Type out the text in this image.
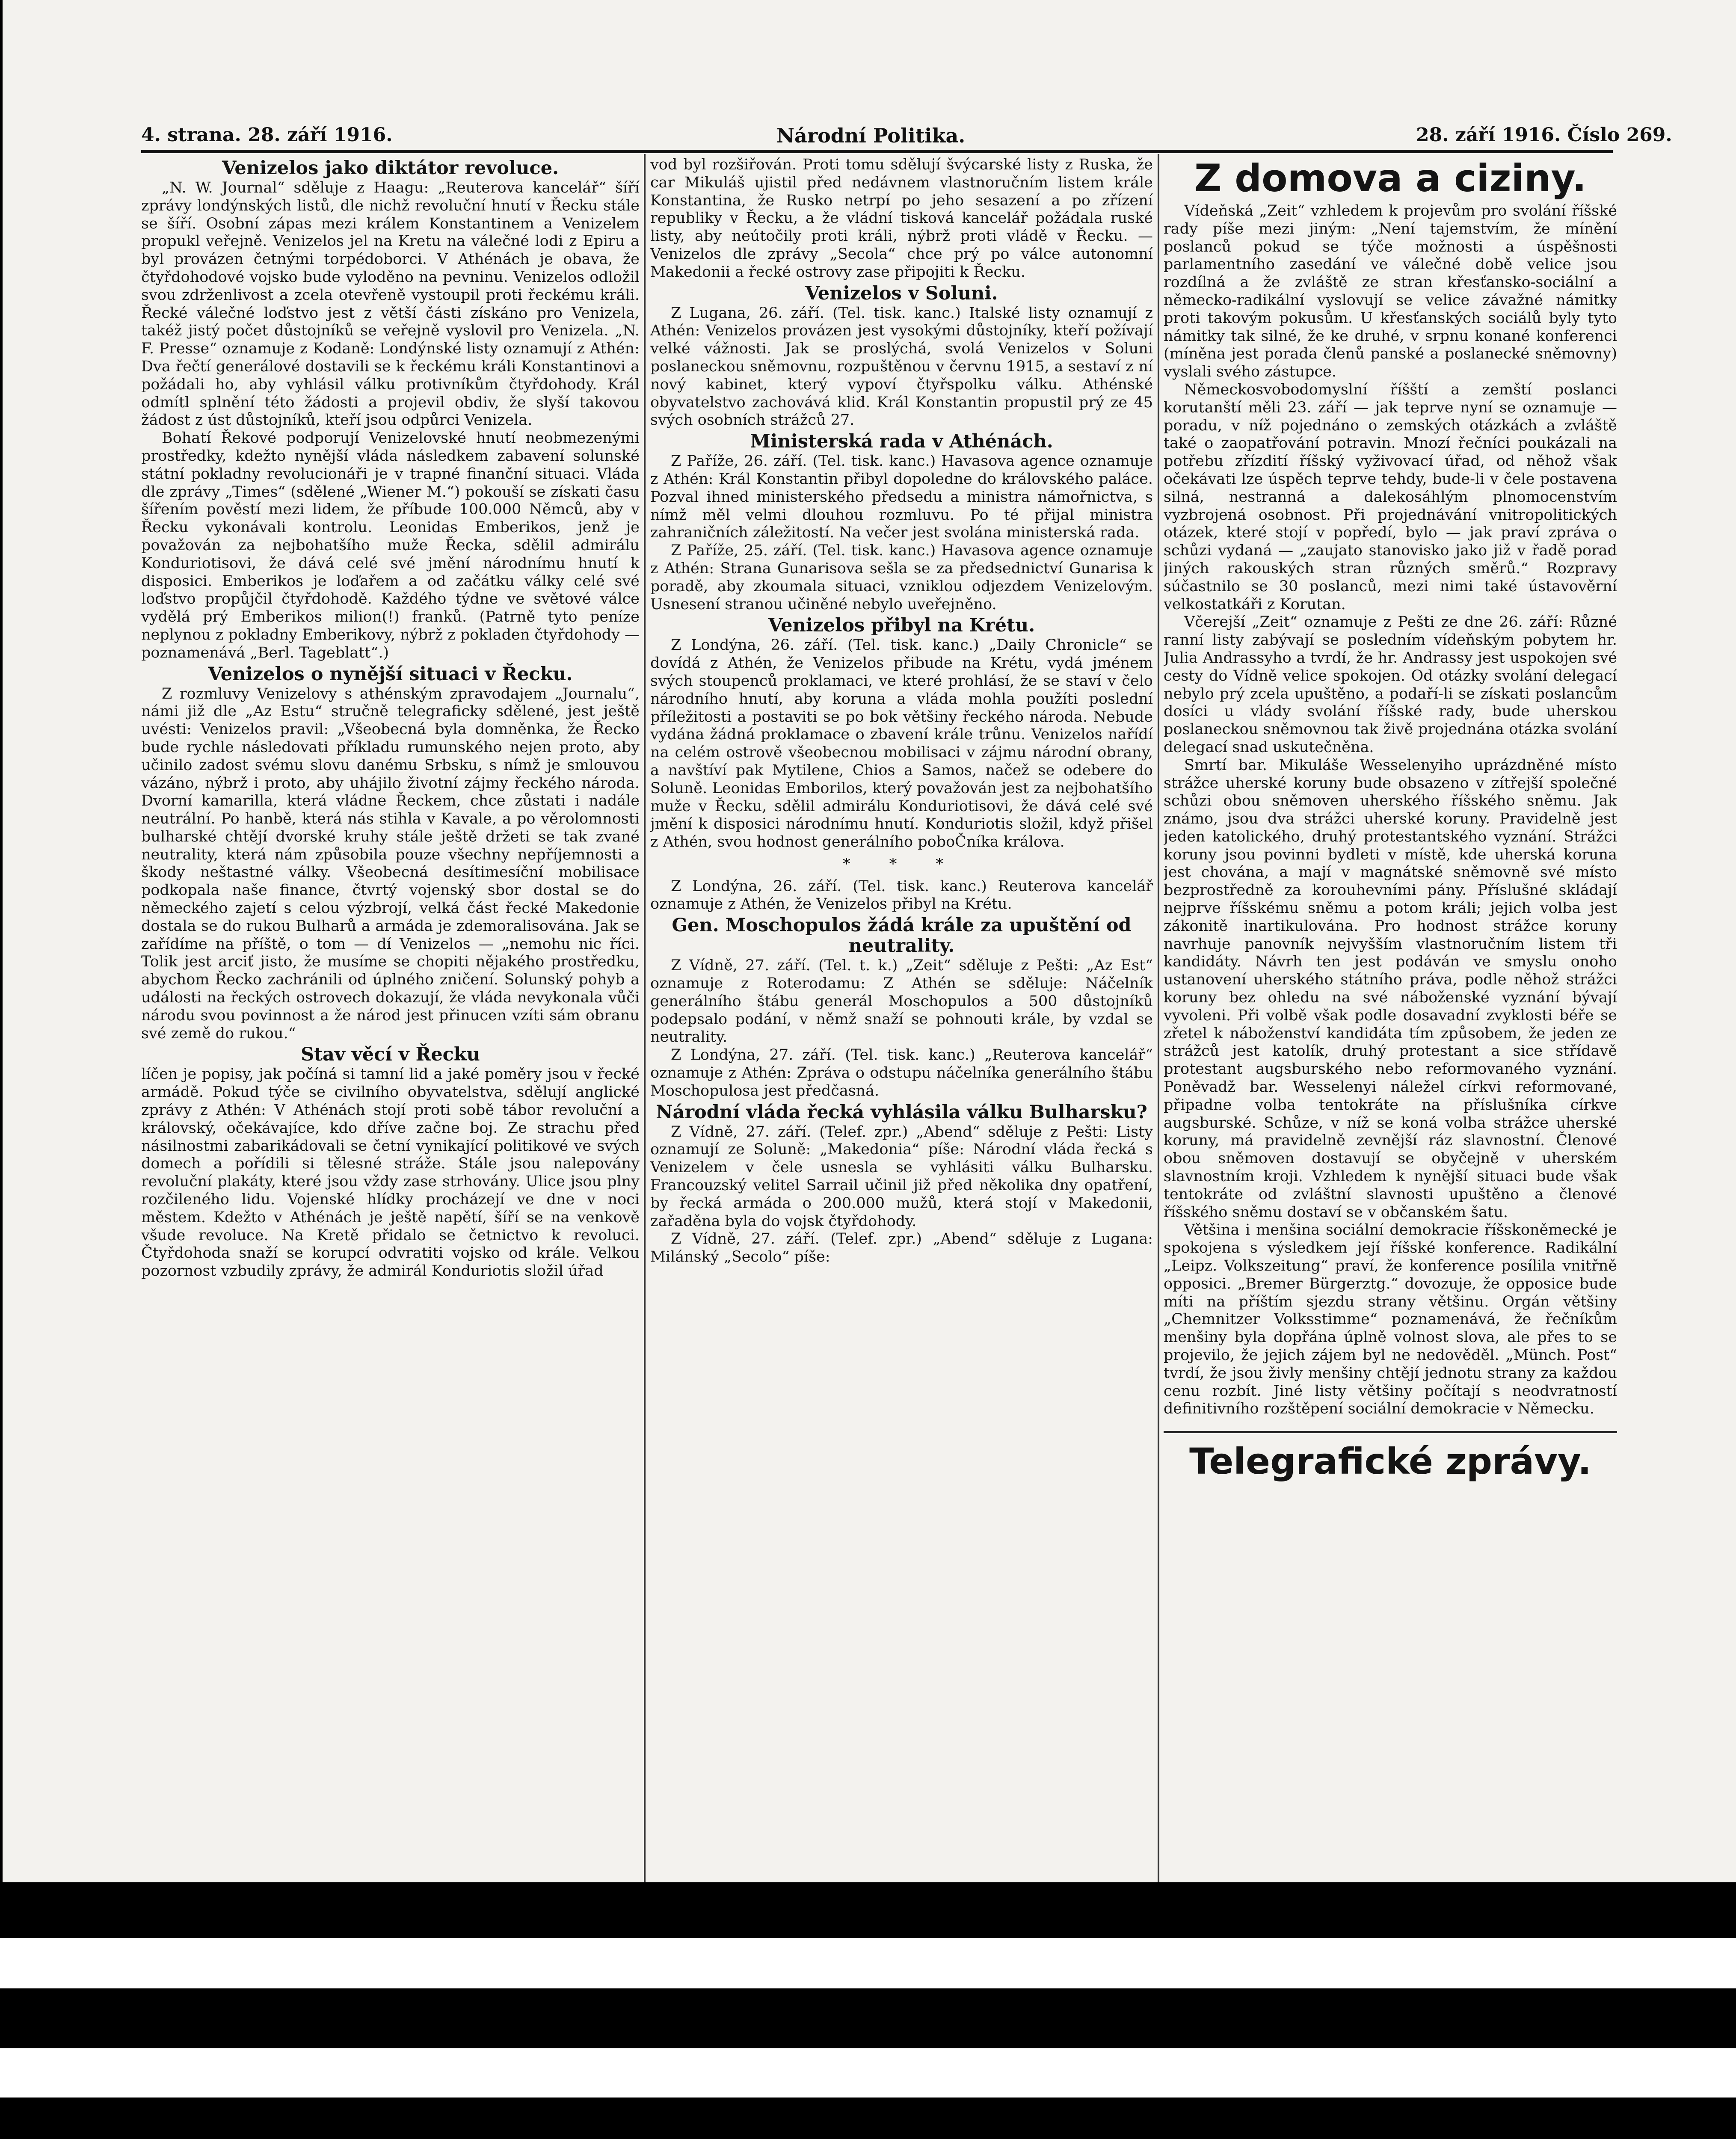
4. strana. 28. září 1916.	Národní Politika.	28. září 1916. Číslo 269.
Venizelos jako diktátor revoluce.

„N. W. Journal“ sděluje z Haagu: „Reuterova kancelář“ šíří zprávy londýnských listů, dle nichž revoluční hnutí v Řecku stále se šíří. Osobní zápas mezi králem Konstantinem a Venizelem propukl veřejně. Venizelos jel na Kretu na válečné lodi z Epiru a byl provázen četnými torpédoborci. V Athénách je obava, že čtyřdohodové vojsko bude vyloděno na pevninu. Venizelos odložil svou zdrženlivost a zcela otevřeně vystoupil proti řeckému králi. Řecké válečné loďstvo jest z větší části získáno pro Venizela, takéž jistý počet důstojníků se veřejně vyslovil pro Venizela. „N. F. Presse“ oznamuje z Kodaně: Londýnské listy oznamují z Athén: Dva řečtí generálové dostavili se k řeckému králi Konstantinovi a požádali ho, aby vyhlásil válku protivníkům čtyřdohody. Král odmítl splnění této žádosti a projevil obdiv, že slyší takovou žádost z úst důstojníků, kteří jsou odpůrci Venizela.

Bohatí Řekové podporují Venizelovské hnutí neobmezenými prostředky, kdežto nynější vláda následkem zabavení solunské státní pokladny revolucionáři je v trapné finanční situaci. Vláda dle zprávy „Times“ (sdělené „Wiener M.“) pokouší se získati času šířením pověstí mezi lidem, že příbude 100.000 Němců, aby v Řecku vykonávali kontrolu. Leonidas Emberikos, jenž je považován za nejbohatšího muže Řecka, sdělil admirálu Konduriotisovi, že dává celé své jmění národnímu hnutí k disposici. Emberikos je loďařem a od začátku války celé své loďstvo propůjčil čtyřdohodě. Každého týdne ve světové válce vydělá prý Emberikos milion(!) franků. (Patrně tyto peníze neplynou z pokladny Emberikovy, nýbrž z pokladen čtyřdohody — poznamenává „Berl. Tageblatt“.)

Venizelos o nynější situaci v Řecku.

Z rozmluvy Venizelovy s athénským zpravodajem „Journalu“, námi již dle „Az Estu“ stručně telegraficky sdělené, jest ještě uvésti: Venizelos pravil: „Všeobecná byla domněnka, že Řecko bude rychle následovati příkladu rumunského nejen proto, aby učinilo zadost svému slovu danému Srbsku, s nímž je smlouvou vázáno, nýbrž i proto, aby uhájilo životní zájmy řeckého národa. Dvorní kamarilla, která vládne Řeckem, chce zůstati i nadále neutrální. Po hanbě, která nás stihla v Kavale, a po věrolomnosti bulharské chtějí dvorské kruhy stále ještě držeti se tak zvané neutrality, která nám způsobila pouze všechny nepříjemnosti a škody neštastné války. Všeobecná desítimesíční mobilisace podkopala naše finance, čtvrtý vojenský sbor dostal se do německého zajetí s celou výzbrojí, velká část řecké Makedonie dostala se do rukou Bulharů a armáda je zdemoralisována. Jak se zařídíme na příště, o tom — dí Venizelos — „nemohu nic říci. Tolik jest arciť jisto, že musíme se chopiti nějakého prostředku, abychom Řecko zachránili od úplného zničení. Solunský pohyb a události na řeckých ostrovech dokazují, že vláda nevykonala vůči národu svou povinnost a že národ jest přinucen vzíti sám obranu své země do rukou.“

Stav věcí v Řecku

líčen je popisy, jak počíná si tamní lid a jaké poměry jsou v řecké armádě. Pokud týče se civilního obyvatelstva, sdělují anglické zprávy z Athén: V Athénách stojí proti sobě tábor revoluční a královský, očekávajíce, kdo dříve začne boj. Ze strachu před násilnostmi zabarikádovali se četní vynikající politikové ve svých domech a pořídili si tělesné stráže. Stále jsou nalepovány revoluční plakáty, které jsou vždy zase strhovány. Ulice jsou plny rozčileného lidu. Vojenské hlídky procházejí ve dne v noci městem. Kdežto v Athénách je ještě napětí, šíří se na venkově všude revoluce. Na Kretě přidalo se četnictvo k revoluci. Čtyřdohoda snaží se korupcí odvratiti vojsko od krále. Velkou pozornost vzbudily zprávy, že admirál Konduriotis složil úřad

vod byl rozšiřován. Proti tomu sdělují švýcarské listy z Ruska, že car Mikuláš ujistil před nedávnem vlastnoručním listem krále Konstantina, že Rusko netrpí po jeho sesazení a po zřízení republiky v Řecku, a že vládní tisková kancelář požádala ruské listy, aby neútočily proti králi, nýbrž proti vládě v Řecku. — Venizelos dle zprávy „Secola“ chce prý po válce autonomní Makedonii a řecké ostrovy zase připojiti k Řecku.

Venizelos v Soluni.

Z Lugana, 26. září. (Tel. tisk. kanc.) Italské listy oznamují z Athén: Venizelos provázen jest vysokými důstojníky, kteří požívají velké vážnosti. Jak se proslýchá, svolá Venizelos v Soluni poslaneckou sněmovnu, rozpuštěnou v červnu 1915, a sestaví z ní nový kabinet, který vypoví čtyřspolku válku. Athénské obyvatelstvo zachovává klid. Král Konstantin propustil prý ze 45 svých osobních strážců 27.

Ministerská rada v Athénách.

Z Paříže, 26. září. (Tel. tisk. kanc.) Havasova agence oznamuje z Athén: Král Konstantin přibyl dopoledne do královského paláce. Pozval ihned ministerského předsedu a ministra námořnictva, s nímž měl velmi dlouhou rozmluvu. Po té přijal ministra zahraničních záležitostí. Na večer jest svolána ministerská rada.

Z Paříže, 25. září. (Tel. tisk. kanc.) Havasova agence oznamuje z Athén: Strana Gunarisova sešla se za předsednictví Gunarisa k poradě, aby zkoumala situaci, vzniklou odjezdem Venizelovým. Usnesení stranou učiněné nebylo uveřejněno.

Venizelos přibyl na Krétu.

Z Londýna, 26. září. (Tel. tisk. kanc.) „Daily Chronicle“ se dovídá z Athén, že Venizelos přibude na Krétu, vydá jménem svých stoupenců proklamaci, ve které prohlásí, že se staví v čelo národního hnutí, aby koruna a vláda mohla použíti poslední příležitosti a postaviti se po bok většiny řeckého národa. Nebude vydána žádná proklamace o zbavení krále trůnu. Venizelos nařídí na celém ostrově všeobecnou mobilisaci v zájmu národní obrany, a navštíví pak Mytilene, Chios a Samos, načež se odebere do Soluně. Leonidas Emborilos, který považován jest za nejbohatšího muže v Řecku, sdělil admirálu Konduriotisovi, že dává celé své jmění k disposici národnímu hnutí. Konduriotis složil, když přišel z Athén, svou hodnost generálního poboČníka králova.

* * *

Z Londýna, 26. září. (Tel. tisk. kanc.) Reuterova kancelář oznamuje z Athén, že Venizelos přibyl na Krétu.

Gen. Moschopulos žádá krále za upuštění od neutrality.

Z Vídně, 27. září. (Tel. t. k.) „Zeit“ sděluje z Pešti: „Az Est“ oznamuje z Roterodamu: Z Athén se sděluje: Náčelník generálního štábu generál Moschopulos a 500 důstojníků podepsalo podání, v němž snaží se pohnouti krále, by vzdal se neutrality.

Z Londýna, 27. září. (Tel. tisk. kanc.) „Reuterova kancelář“ oznamuje z Athén: Zpráva o odstupu náčelníka generálního štábu Moschopulosa jest předčasná.

Národní vláda řecká vyhlásila válku Bulharsku?

Z Vídně, 27. září. (Telef. zpr.) „Abend“ sděluje z Pešti: Listy oznamují ze Soluně: „Makedonia“ píše: Národní vláda řecká s Venizelem v čele usnesla se vyhlásiti válku Bulharsku. Francouzský velitel Sarrail učinil již před několika dny opatření, by řecká armáda o 200.000 mužů, která stojí v Makedonii, zařaděna byla do vojsk čtyřdohody.

Z Vídně, 27. září. (Telef. zpr.) „Abend“ sděluje z Lugana: Milánský „Secolo“ píše:

Z domova a ciziny.

Vídeňská „Zeit“ vzhledem k projevům pro svolání říšské rady píše mezi jiným: „Není tajemstvím, že mínění poslanců pokud se týče možnosti a úspěšnosti parlamentního zasedání ve válečné době velice jsou rozdílná a že zvláště ze stran křesťansko-sociální a německo-radikální vyslovují se velice závažné námitky proti takovým pokusům. U křesťanských sociálů byly tyto námitky tak silné, že ke druhé, v srpnu konané konferenci (míněna jest porada členů panské a poslanecké sněmovny) vyslali svého zástupce.

Německosvobodomyslní říšští a zemští poslanci korutanští měli 23. září — jak teprve nyní se oznamuje — poradu, v níž pojednáno o zemských otázkách a zvláště také o zaopatřování potravin. Mnozí řečníci poukázali na potřebu zřízdití říšský vyživovací úřad, od něhož však očekávati lze úspěch teprve tehdy, bude-li v čele postavena silná, nestranná a dalekosáhlým plnomocenstvím vyzbrojená osobnost. Při projednávání vnitropolitických otázek, které stojí v popředí, bylo — jak praví zpráva o schůzi vydaná — „zaujato stanovisko jako již v řadě porad jiných rakouských stran různých směrů.“ Rozpravy súčastnilo se 30 poslanců, mezi nimi také ústavověrní velkostatkáři z Korutan.

Včerejší „Zeit“ oznamuje z Pešti ze dne 26. září: Různé ranní listy zabývají se posledním vídeňským pobytem hr. Julia Andrassyho a tvrdí, že hr. Andrassy jest uspokojen své cesty do Vídně velice spokojen. Od otázky svolání delegací nebylo prý zcela upuštěno, a podaří-li se získati poslancům dosíci u vlády svolání říšské rady, bude uherskou poslaneckou sněmovnou tak živě projednána otázka svolání delegací snad uskutečněna.

Smrtí bar. Mikuláše Wesselenyiho uprázdněné místo strážce uherské koruny bude obsazeno v zítřejší společné schůzi obou sněmoven uherského říšského sněmu. Jak známo, jsou dva strážci uherské koruny. Pravidelně jest jeden katolického, druhý protestantského vyznání. Strážci koruny jsou povinni bydleti v místě, kde uherská koruna jest chována, a mají v magnátské sněmovně své místo bezprostředně za korouhevními pány. Příslušné skládají nejprve říšskému sněmu a potom králi; jejich volba jest zákonitě inartikulována. Pro hodnost strážce koruny navrhuje panovník nejvyšším vlastnoručním listem tři kandidáty. Návrh ten jest podáván ve smyslu onoho ustanovení uherského státního práva, podle něhož strážci koruny bez ohledu na své náboženské vyznání bývají vyvoleni. Při volbě však podle dosavadní zvyklosti béře se zřetel k náboženství kandidáta tím způsobem, že jeden ze strážců jest katolík, druhý protestant a sice střídavě protestant augsburského nebo reformovaného vyznání. Poněvadž bar. Wesselenyi náležel církvi reformované, připadne volba tentokráte na příslušníka církve augsburské. Schůze, v níž se koná volba strážce uherské koruny, má pravidelně zevnější ráz slavnostní. Členové obou sněmoven dostavují se obyčejně v uherském slavnostním kroji. Vzhledem k nynější situaci bude však tentokráte od zvláštní slavnosti upuštěno a členové říšského sněmu dostaví se v občanském šatu.

Většina i menšina sociální demokracie říšskoněmecké je spokojena s výsledkem její říšské konference. Radikální „Leipz. Volkszeitung“ praví, že konference posílila vnitřně opposici. „Bremer Bürgerztg.“ dovozuje, že opposice bude míti na příštím sjezdu strany většinu. Orgán většiny „Chemnitzer Volksstimme“ poznamenává, že řečníkům menšiny byla dopřána úplně volnost slova, ale přes to se projevilo, že jejich zájem byl ne nedověděl. „Münch. Post“ tvrdí, že jsou živly menšiny chtějí jednotu strany za každou cenu rozbít. Jiné listy většiny počítají s neodvratností definitivního rozštěpení sociální demokracie v Německu.

Telegrafické zprávy.
